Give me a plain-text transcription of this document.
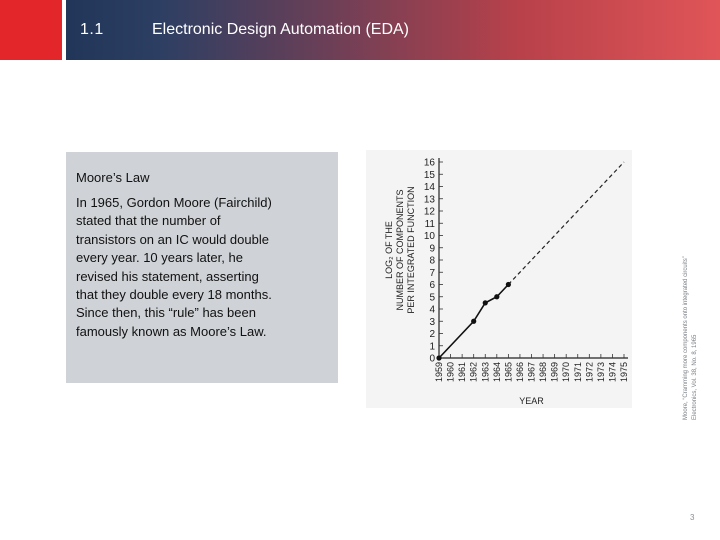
1.1	Electronic Design Automation (EDA)
Moore’s Law
In 1965, Gordon Moore (Fairchild)
stated that the number of
transistors on an IC would double
every year. 10 years later, he
revised his statement, asserting
that they double every 18 months.
Since then, this “rule” has been
famously known as Moore’s Law.
LOG₂ OF THE NUMBER OF COMPONENTS PER INTEGRATED FUNCTION
0
1
2
3
4
5
6
7
8
9
10
11
12
13
14
15
16
1959 1960 1961 1962 1963 1964 1965 1966 1967 1968 1969 1970 1971 1972 1973 1974 1975
YEAR	Moore, “Cramming more components onto integrated circuits” Electronics, Vol. 38, No. 8, 1965
3
